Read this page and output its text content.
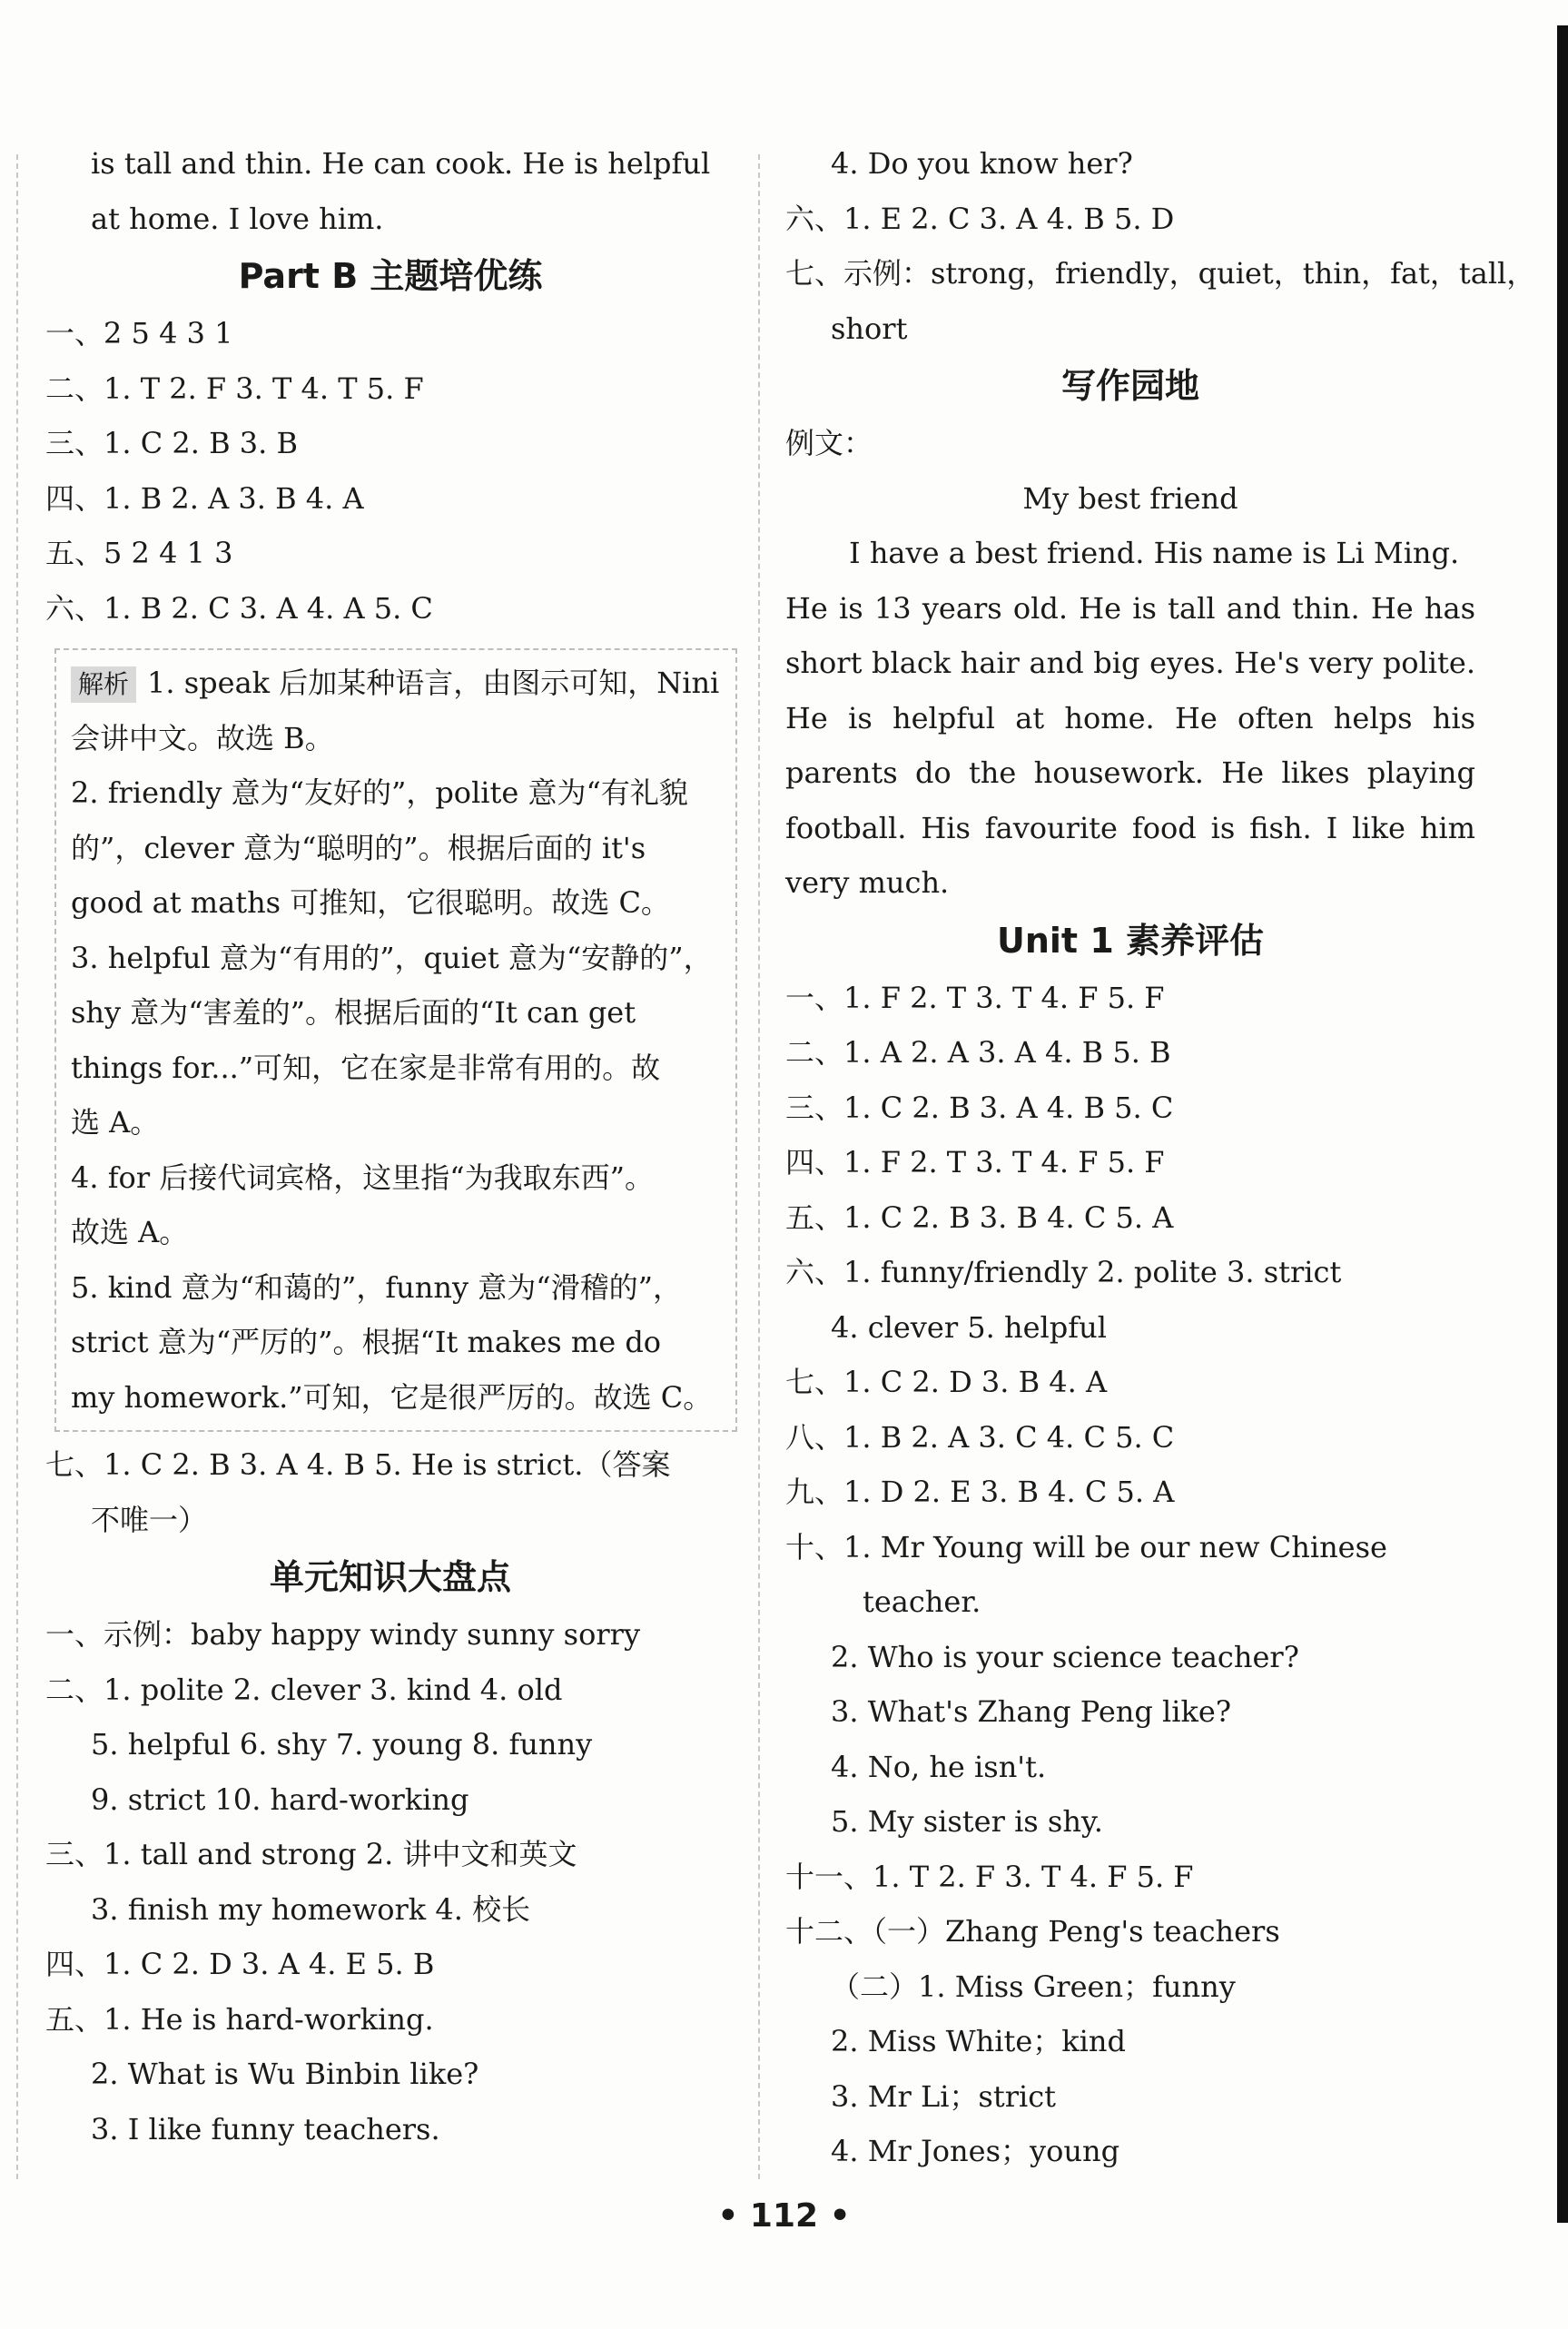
is tall and thin. He can cook. He is helpful
at home. I love him.
Part B 主题培优练
一、2 5 4 3 1
二、1. T 2. F 3. T 4. T 5. F
三、1. C 2. B 3. B
四、1. B 2. A 3. B 4. A
五、5 2 4 1 3
六、1. B 2. C 3. A 4. A 5. C
解析 1. speak 后加某种语言，由图示可知，Nini
会讲中文。故选 B。
2. friendly 意为“友好的”，polite 意为“有礼貌
的”，clever 意为“聪明的”。根据后面的 it's
good at maths 可推知，它很聪明。故选 C。
3. helpful 意为“有用的”，quiet 意为“安静的”，
shy 意为“害羞的”。根据后面的“It can get
things for...”可知，它在家是非常有用的。故
选 A。
4. for 后接代词宾格，这里指“为我取东西”。
故选 A。
5. kind 意为“和蔼的”，funny 意为“滑稽的”，
strict 意为“严厉的”。根据“It makes me do
my homework.”可知，它是很严厉的。故选 C。
七、1. C 2. B 3. A 4. B 5. He is strict.（答案
不唯一）
单元知识大盘点
一、示例：baby happy windy sunny sorry
二、1. polite 2. clever 3. kind 4. old
5. helpful 6. shy 7. young 8. funny
9. strict 10. hard-working
三、1. tall and strong 2. 讲中文和英文
3. finish my homework 4. 校长
四、1. C 2. D 3. A 4. E 5. B
五、1. He is hard-working.
2. What is Wu Binbin like?
3. I like funny teachers.
4. Do you know her?
六、1. E 2. C 3. A 4. B 5. D
七、示例：strong，friendly，quiet，thin，fat，tall，
short
写作园地
例文：
My best friend
I have a best friend. His name is Li Ming.
He is 13 years old. He is tall and thin. He has
short black hair and big eyes. He's very polite.
He is helpful at home. He often helps his
parents do the housework. He likes playing
football. His favourite food is fish. I like him
very much.
Unit 1 素养评估
一、1. F 2. T 3. T 4. F 5. F
二、1. A 2. A 3. A 4. B 5. B
三、1. C 2. B 3. A 4. B 5. C
四、1. F 2. T 3. T 4. F 5. F
五、1. C 2. B 3. B 4. C 5. A
六、1. funny/friendly 2. polite 3. strict
4. clever 5. helpful
七、1. C 2. D 3. B 4. A
八、1. B 2. A 3. C 4. C 5. C
九、1. D 2. E 3. B 4. C 5. A
十、1. Mr Young will be our new Chinese
teacher.
2. Who is your science teacher?
3. What's Zhang Peng like?
4. No, he isn't.
5. My sister is shy.
十一、1. T 2. F 3. T 4. F 5. F
十二、（一）Zhang Peng's teachers
（二）1. Miss Green；funny
2. Miss White；kind
3. Mr Li；strict
4. Mr Jones；young
• 112 •
